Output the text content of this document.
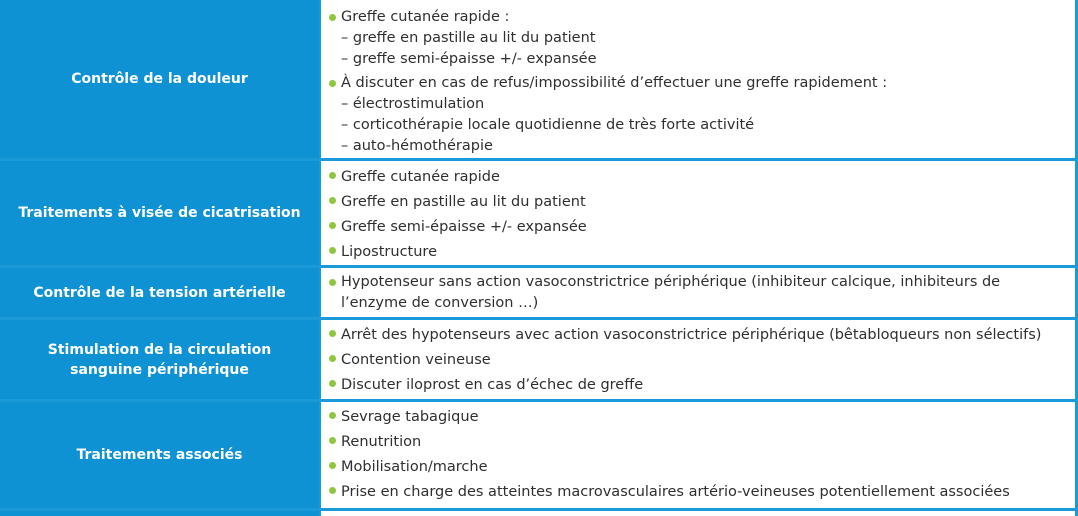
Contrôle de la douleur
Greffe cutanée rapide :
– greffe en pastille au lit du patient
– greffe semi-épaisse +/- expansée
À discuter en cas de refus/impossibilité d’effectuer une greffe rapidement :
– électrostimulation
– corticothérapie locale quotidienne de très forte activité
– auto-hémothérapie
Traitements à visée de cicatrisation
Greffe cutanée rapide
Greffe en pastille au lit du patient
Greffe semi-épaisse +/- expansée
Lipostructure
Contrôle de la tension artérielle
Hypotenseur sans action vasoconstrictrice périphérique (inhibiteur calcique, inhibiteurs de l’enzyme de conversion …)
Stimulation de la circulation sanguine périphérique
Arrêt des hypotenseurs avec action vasoconstrictrice périphérique (bêtabloqueurs non sélectifs)
Contention veineuse
Discuter iloprost en cas d’échec de greffe
Traitements associés
Sevrage tabagique
Renutrition
Mobilisation/marche
Prise en charge des atteintes macrovasculaires artério-veineuses potentiellement associées
